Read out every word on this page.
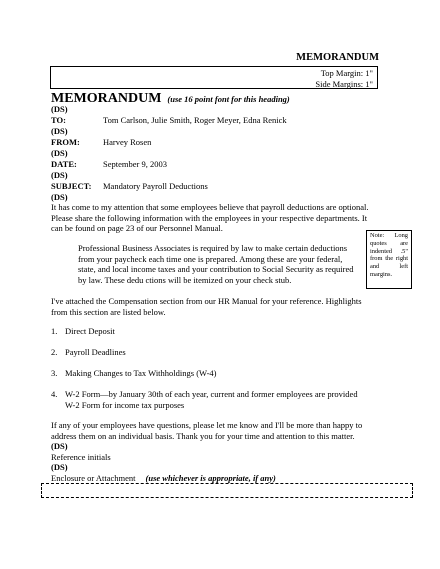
MEMORANDUM
Top Margin: 1"
Side Margins: 1"
MEMORANDUM (use 16 point font for this heading)
(DS)
TO:	Tom Carlson, Julie Smith, Roger Meyer, Edna Renick
(DS)
FROM:	Harvey Rosen
(DS)
DATE:	September 9, 2003
(DS)
SUBJECT: Mandatory Payroll Deductions
(DS)
It has come to my attention that some employees believe that payroll deductions are optional.
Please share the following information with the employees in your respective departments. It
can be found on page 23 of our Personnel Manual.
Professional Business Associates is required by law to make certain deductions
from your paycheck each time one is prepared. Among these are your federal,
state, and local income taxes and your contribution to Social Security as required
by law. These dedu ctions will be itemized on your check stub.
Note: Long quotes are indented .5" from the right and left margins.
I've attached the Compensation section from our HR Manual for your reference. Highlights
from this section are listed below.
1. Direct Deposit
2. Payroll Deadlines
3. Making Changes to Tax Withholdings (W-4)
4. W-2 Form—by January 30th of each year, current and former employees are provided W-2 Form for income tax purposes
If any of your employees have questions, please let me know and I'll be more than happy to
address them on an individual basis. Thank you for your time and attention to this matter.
(DS)
Reference initials
(DS)
Enclosure or Attachment (use whichever is appropriate, if any)
